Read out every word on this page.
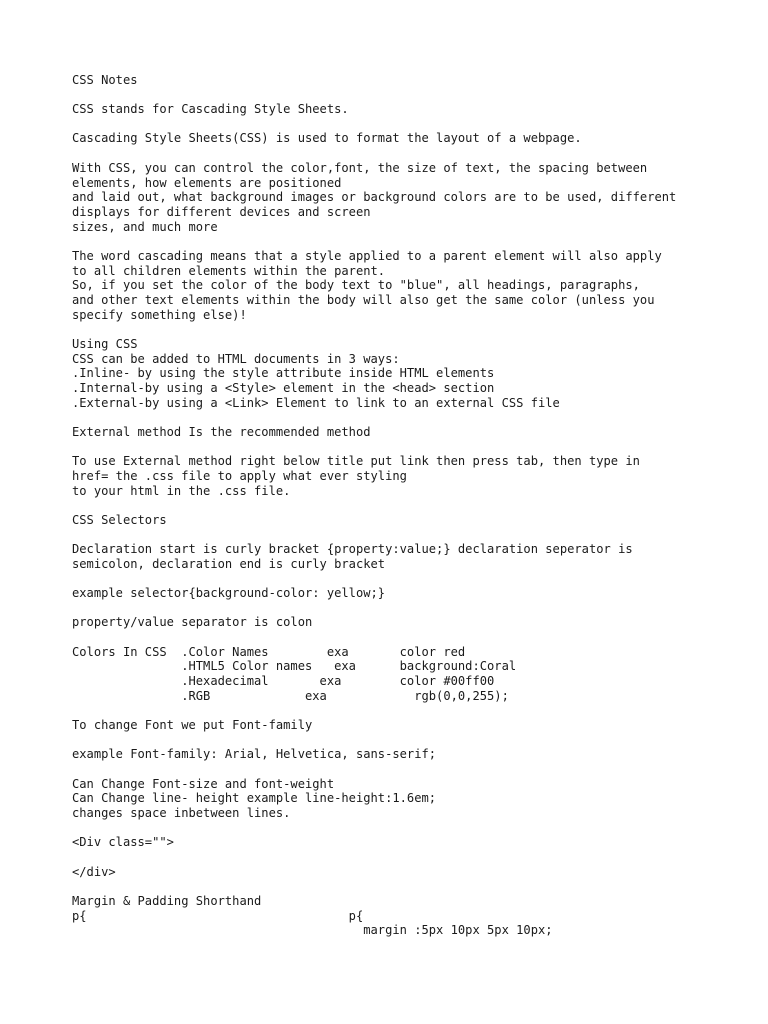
CSS Notes
CSS stands for Cascading Style Sheets.
Cascading Style Sheets(CSS) is used to format the layout of a webpage.
With CSS, you can control the color,font, the size of text, the spacing between
elements, how elements are positioned
and laid out, what background images or background colors are to be used, different
displays for different devices and screen
sizes, and much more
The word cascading means that a style applied to a parent element will also apply
to all children elements within the parent.
So, if you set the color of the body text to "blue", all headings, paragraphs,
and other text elements within the body will also get the same color (unless you
specify something else)!
Using CSS
CSS can be added to HTML documents in 3 ways:
.Inline- by using the style attribute inside HTML elements
.Internal-by using a <Style> element in the <head> section
.External-by using a <Link> Element to link to an external CSS file
External method Is the recommended method
To use External method right below title put link then press tab, then type in
href= the .css file to apply what ever styling
to your html in the .css file.
CSS Selectors
Declaration start is curly bracket {property:value;} declaration seperator is
semicolon, declaration end is curly bracket
example selector{background-color: yellow;}
property/value separator is colon
Colors In CSS  .Color Names        exa       color red
.HTML5 Color names   exa      background:Coral
.Hexadecimal       exa        color #00ff00
.RGB             exa            rgb(0,0,255);
To change Font we put Font-family
example Font-family: Arial, Helvetica, sans-serif;
Can Change Font-size and font-weight
Can Change line- height example line-height:1.6em;
changes space inbetween lines.
<Div class="">
</div>
Margin & Padding Shorthand
p{                                    p{
margin :5px 10px 5px 10px;
